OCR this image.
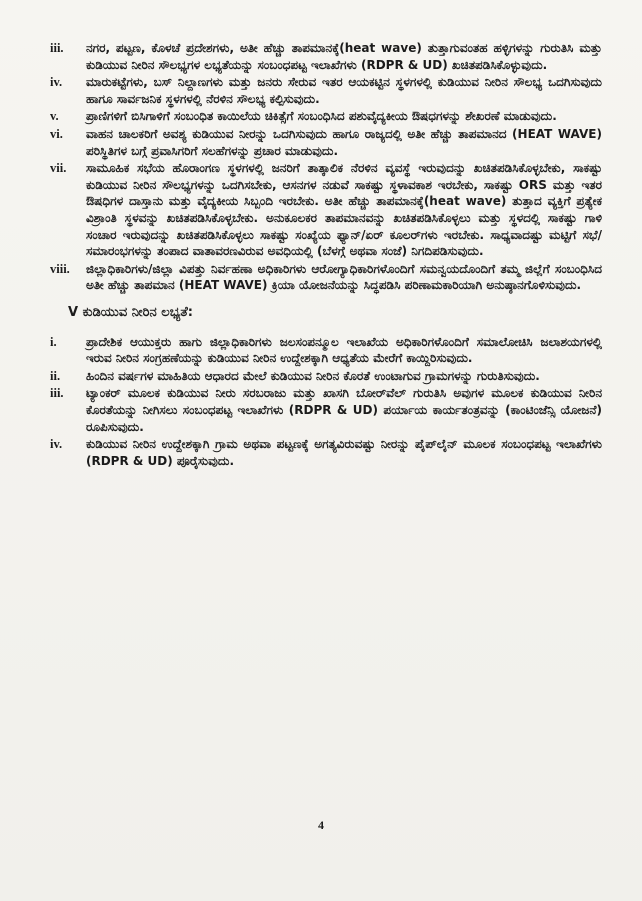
iii. ನಗರ, ಪಟ್ಟಣ, ಕೊಳಚೆ ಪ್ರದೇಶಗಳು, ಅತೀ ಹೆಚ್ಚು ತಾಪಮಾನಕ್ಕೆ(heat wave) ತುತ್ತಾಗುವಂತಹ ಹಳ್ಳಿಗಳನ್ನು ಗುರುತಿಸಿ ಮತ್ತು ಕುಡಿಯುವ ನೀರಿನ ಸೌಲಭ್ಯಗಳ ಲಭ್ಯತೆಯನ್ನು ಸಂಬಂಧಪಟ್ಟ ಇಲಾಖೆಗಳು (RDPR & UD) ಖಚಿತಪಡಿಸಿಕೊಳ್ಳುವುದು.
iv. ಮಾರುಕಟ್ಟೆಗಳು, ಬಸ್ ನಿಲ್ದಾಣಗಳು ಮತ್ತು ಜನರು ಸೇರುವ ಇತರ ಆಯಕಟ್ಟಿನ ಸ್ಥಳಗಳಲ್ಲಿ ಕುಡಿಯುವ ನೀರಿನ ಸೌಲಭ್ಯ ಒದಗಿಸುವುದು ಹಾಗೂ ಸಾರ್ವಜನಿಕ ಸ್ಥಳಗಳಲ್ಲಿ ನೆರಳಿನ ಸೌಲಭ್ಯ ಕಲ್ಪಿಸುವುದು.
v. ಪ್ರಾಣಿಗಳಿಗೆ ಬಿಸಿಗಾಳಿಗೆ ಸಂಬಂಧಿತ ಕಾಯಿಲೆಯ ಚಿಕಿತ್ಸೆಗೆ ಸಂಬಂಧಿಸಿದ ಪಶುವೈದ್ಯಕೀಯ ಔಷಧಗಳನ್ನು ಶೇಖರಣೆ ಮಾಡುವುದು.
vi. ವಾಹನ ಚಾಲಕರಿಗೆ ಅವಶ್ಯ ಕುಡಿಯುವ ನೀರನ್ನು ಒದಗಿಸುವುದು ಹಾಗೂ ರಾಜ್ಯದಲ್ಲಿ ಅತೀ ಹೆಚ್ಚು ತಾಪಮಾನದ (HEAT WAVE) ಪರಿಸ್ಥಿತಿಗಳ ಬಗ್ಗೆ ಪ್ರವಾಸಿಗರಿಗೆ ಸಲಹೆಗಳನ್ನು ಪ್ರಚಾರ ಮಾಡುವುದು.
vii. ಸಾಮೂಹಿಕ ಸಭೆಯ ಹೊರಾಂಗಣ ಸ್ಥಳಗಳಲ್ಲಿ ಜನರಿಗೆ ತಾತ್ಕಾಲಿಕ ನೆರಳಿನ ವ್ಯವಸ್ಥೆ ಇರುವುದನ್ನು ಖಚಿತಪಡಿಸಿಕೊಳ್ಳಬೇಕು, ಸಾಕಷ್ಟು ಕುಡಿಯುವ ನೀರಿನ ಸೌಲಭ್ಯಗಳನ್ನು ಒದಗಿಸಬೇಕು, ಆಸನಗಳ ನಡುವೆ ಸಾಕಷ್ಟು ಸ್ಥಳಾವಕಾಶ ಇರಬೇಕು, ಸಾಕಷ್ಟು ORS ಮತ್ತು ಇತರ ಔಷಧಿಗಳ ದಾಸ್ತಾನು ಮತ್ತು ವೈದ್ಯಕೀಯ ಸಿಬ್ಬಂದಿ ಇರಬೇಕು. ಅತೀ ಹೆಚ್ಚು ತಾಪಮಾನಕ್ಕೆ(heat wave) ತುತ್ತಾದ ವ್ಯಕ್ತಿಗೆ ಪ್ರತ್ಯೇಕ ವಿಶ್ರಾಂತಿ ಸ್ಥಳವನ್ನು ಖಚಿತಪಡಿಸಿಕೊಳ್ಳಬೇಕು. ಅನುಕೂಲಕರ ತಾಪಮಾನವನ್ನು ಖಚಿತಪಡಿಸಿಕೊಳ್ಳಲು ಮತ್ತು ಸ್ಥಳದಲ್ಲಿ ಸಾಕಷ್ಟು ಗಾಳಿ ಸಂಚಾರ ಇರುವುದನ್ನು ಖಚಿತಪಡಿಸಿಕೊಳ್ಳಲು ಸಾಕಷ್ಟು ಸಂಖ್ಯೆಯ ಫ್ಯಾನ್/ಏರ್ ಕೂಲರ್‌ಗಳು ಇರಬೇಕು. ಸಾಧ್ಯವಾದಷ್ಟು ಮಟ್ಟಿಗೆ ಸಭೆ/ಸಮಾರಂಭಗಳನ್ನು ತಂಪಾದ ವಾತಾವರಣವಿರುವ ಅವಧಿಯಲ್ಲಿ (ಬೆಳಗ್ಗೆ ಅಥವಾ ಸಂಜೆ) ನಿಗದಿಪಡಿಸುವುದು.
viii. ಜಿಲ್ಲಾಧಿಕಾರಿಗಳು/ಜಿಲ್ಲಾ ವಿಪತ್ತು ನಿರ್ವಹಣಾ ಅಧಿಕಾರಿಗಳು ಆರೋಗ್ಯಾಧಿಕಾರಿಗಳೊಂದಿಗೆ ಸಮನ್ವಯದೊಂದಿಗೆ ತಮ್ಮ ಜಿಲ್ಲೆಗೆ ಸಂಬಂಧಿಸಿದ ಅತೀ ಹೆಚ್ಚು ತಾಪಮಾನ (HEAT WAVE) ಕ್ರಿಯಾ ಯೋಜನೆಯನ್ನು ಸಿದ್ಧಪಡಿಸಿ ಪರಿಣಾಮಕಾರಿಯಾಗಿ ಅನುಷ್ಠಾನಗೊಳಿಸುವುದು.
V ಕುಡಿಯುವ ನೀರಿನ ಲಭ್ಯತೆ:
i. ಪ್ರಾದೇಶಿಕ ಆಯುಕ್ತರು ಹಾಗು ಜಿಲ್ಲಾಧಿಕಾರಿಗಳು ಜಲಸಂಪನ್ಮೂಲ ಇಲಾಖೆಯ ಅಧಿಕಾರಿಗಳೊಂದಿಗೆ ಸಮಾಲೋಚಿಸಿ ಜಲಾಶಯಗಳಲ್ಲಿ ಇರುವ ನೀರಿನ ಸಂಗ್ರಹಣೆಯನ್ನು ಕುಡಿಯುವ ನೀರಿನ ಉದ್ದೇಶಕ್ಕಾಗಿ ಆಧ್ಯತೆಯ ಮೇರೆಗೆ ಕಾಯ್ದಿರಿಸುವುದು.
ii. ಹಿಂದಿನ ವರ್ಷಗಳ ಮಾಹಿತಿಯ ಆಧಾರದ ಮೇಲೆ ಕುಡಿಯುವ ನೀರಿನ ಕೊರತೆ ಉಂಟಾಗುವ ಗ್ರಾಮಗಳನ್ನು ಗುರುತಿಸುವುದು.
iii. ಟ್ಯಾಂಕರ್ ಮೂಲಕ ಕುಡಿಯುವ ನೀರು ಸರಬರಾಜು ಮತ್ತು ಖಾಸಗಿ ಬೋರ್‌ವೆಲ್ ಗುರುತಿಸಿ ಅವುಗಳ ಮೂಲಕ ಕುಡಿಯುವ ನೀರಿನ ಕೊರತೆಯನ್ನು ನೀಗಿಸಲು ಸಂಬಂಧಪಟ್ಟ ಇಲಾಖೆಗಳು (RDPR & UD) ಪರ್ಯಾಯ ಕಾರ್ಯತಂತ್ರವನ್ನು (ಕಾಂಟಿಂಜೆನ್ಸಿ ಯೋಜನೆ) ರೂಪಿಸುವುದು.
iv. ಕುಡಿಯುವ ನೀರಿನ ಉದ್ದೇಶಕ್ಕಾಗಿ ಗ್ರಾಮ ಅಥವಾ ಪಟ್ಟಣಕ್ಕೆ ಅಗತ್ಯವಿರುವಷ್ಟು ನೀರನ್ನು ಪೈಪ್‌ಲೈನ್ ಮೂಲಕ ಸಂಬಂಧಪಟ್ಟ ಇಲಾಖೆಗಳು (RDPR & UD) ಪೂರೈಸುವುದು.
4
